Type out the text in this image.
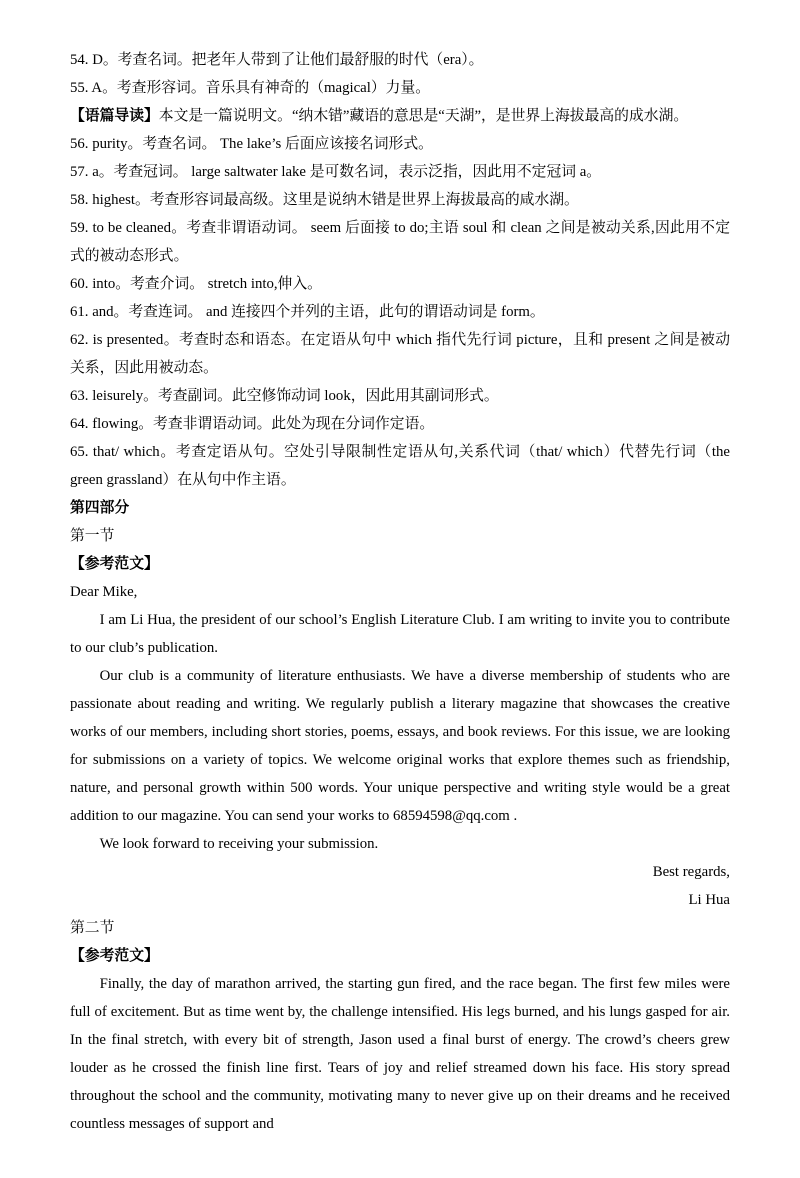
54. D。考查名词。把老年人带到了让他们最舒服的时代（era）。
55. A。考查形容词。音乐具有神奇的（magical）力量。
【语篇导读】本文是一篇说明文。“纳木错”藏语的意思是“天湖”，是世界上海拔最高的成水湖。
56. purity。考查名词。 The lake’s 后面应该接名词形式。
57. a。考查冠词。 large saltwater lake 是可数名词，表示泛指，因此用不定冠词 a。
58. highest。考查形容词最高级。这里是说纳木错是世界上海拔最高的咸水湖。
59. to be cleaned。考查非谓语动词。 seem 后面接 to do;主语 soul 和 clean 之间是被动关系,因此用不定式的被动态形式。
60. into。考查介词。 stretch into,伸入。
61. and。考查连词。 and 连接四个并列的主语，此句的谓语动词是 form。
62. is presented。考查时态和语态。在定语从句中 which 指代先行词 picture，且和 present 之间是被动关系，因此用被动态。
63. leisurely。考查副词。此空修饰动词 look，因此用其副词形式。
64. flowing。考查非谓语动词。此处为现在分词作定语。
65. that/ which。考查定语从句。空处引导限制性定语从句,关系代词（that/ which）代替先行词（the green grassland）在从句中作主语。
第四部分
第一节
【参考范文】
Dear Mike,
I am Li Hua, the president of our school’s English Literature Club. I am writing to invite you to contribute to our club’s publication.
Our club is a community of literature enthusiasts. We have a diverse membership of students who are passionate about reading and writing. We regularly publish a literary magazine that showcases the creative works of our members, including short stories, poems, essays, and book reviews. For this issue, we are looking for submissions on a variety of topics. We welcome original works that explore themes such as friendship, nature, and personal growth within 500 words. Your unique perspective and writing style would be a great addition to our magazine. You can send your works to 68594598@qq.com .
We look forward to receiving your submission.
Best regards,
Li Hua
第二节
【参考范文】
Finally, the day of marathon arrived, the starting gun fired, and the race began. The first few miles were full of excitement. But as time went by, the challenge intensified. His legs burned, and his lungs gasped for air. In the final stretch, with every bit of strength, Jason used a final burst of energy. The crowd’s cheers grew louder as he crossed the finish line first. Tears of joy and relief streamed down his face. His story spread throughout the school and the community, motivating many to never give up on their dreams and he received countless messages of support and
